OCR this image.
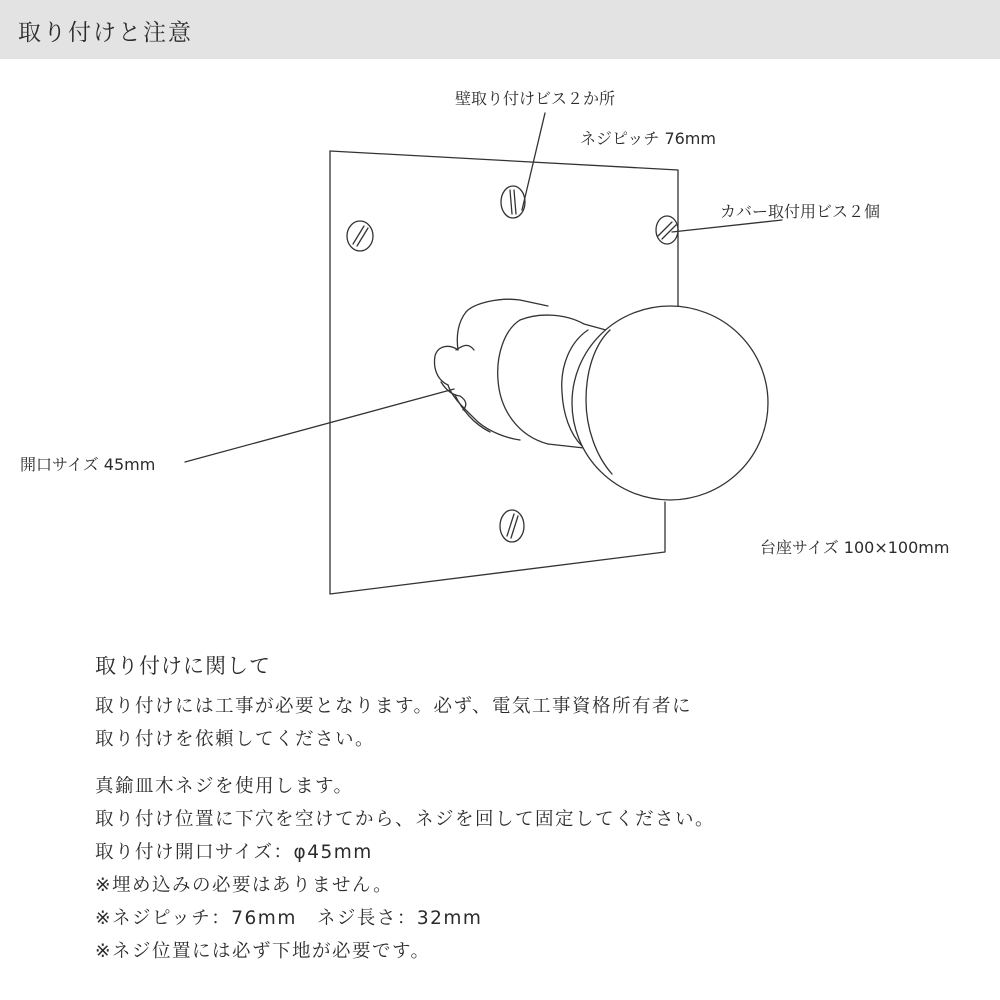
取り付けと注意
壁取り付けビス２か所
ネジピッチ 76mm
カバー取付用ビス２個
開口サイズ 45mm
台座サイズ 100×100mm
取り付けに関して
取り付けには工事が必要となります。必ず、電気工事資格所有者に
取り付けを依頼してください。
真鍮皿木ネジを使用します。
取り付け位置に下穴を空けてから、ネジを回して固定してください。
取り付け開口サイズ：φ45mm
※埋め込みの必要はありません。
※ネジピッチ：76mm　ネジ長さ：32mm
※ネジ位置には必ず下地が必要です。
